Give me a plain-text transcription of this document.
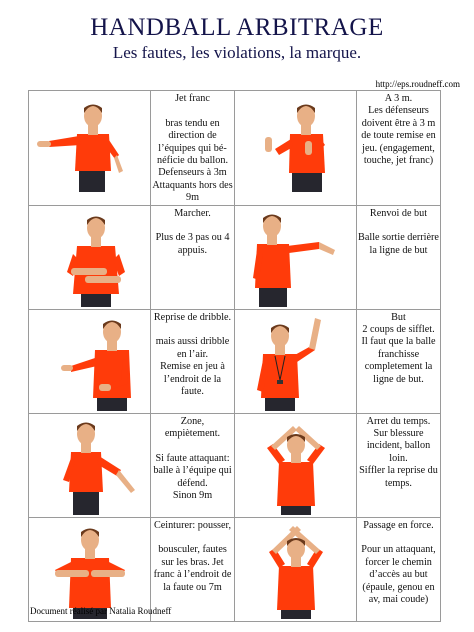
HANDBALL ARBITRAGE
Les fautes, les violations, la marque.
http://eps.roudneff.com

Jet franc

bras tendu en direction de l’équipes qui bé-néficie du ballon.
Defenseurs à 3m
Attaquants hors des 9m		A 3 m.
Les défenseurs doivent être à 3 m de toute remise en jeu. (engagement, touche, jet franc)

Marcher.

Plus de 3 pas ou 4 appuis.		Renvoi de but

Balle sortie derrière la ligne de but

Reprise de dribble.

mais aussi dribble en l’air.
Remise en jeu à l’endroit de la faute.		But
2 coups de sifflet.
Il faut que la balle franchisse completement la ligne de but.

Zone, empiètement.

Si faute attaquant: balle à l’équipe qui défend.
Sinon 9m		Arret du temps.
Sur blessure incident, ballon loin.
Siffler la reprise du temps.

Ceinturer: pousser,

bousculer, fautes sur les bras. Jet franc à l’endroit de la faute ou 7m		Passage en force.

Pour un attaquant, forcer le chemin d’accès au but (épaule, genou en av, mai coude)
Document réalisé par Natalia Roudneff
